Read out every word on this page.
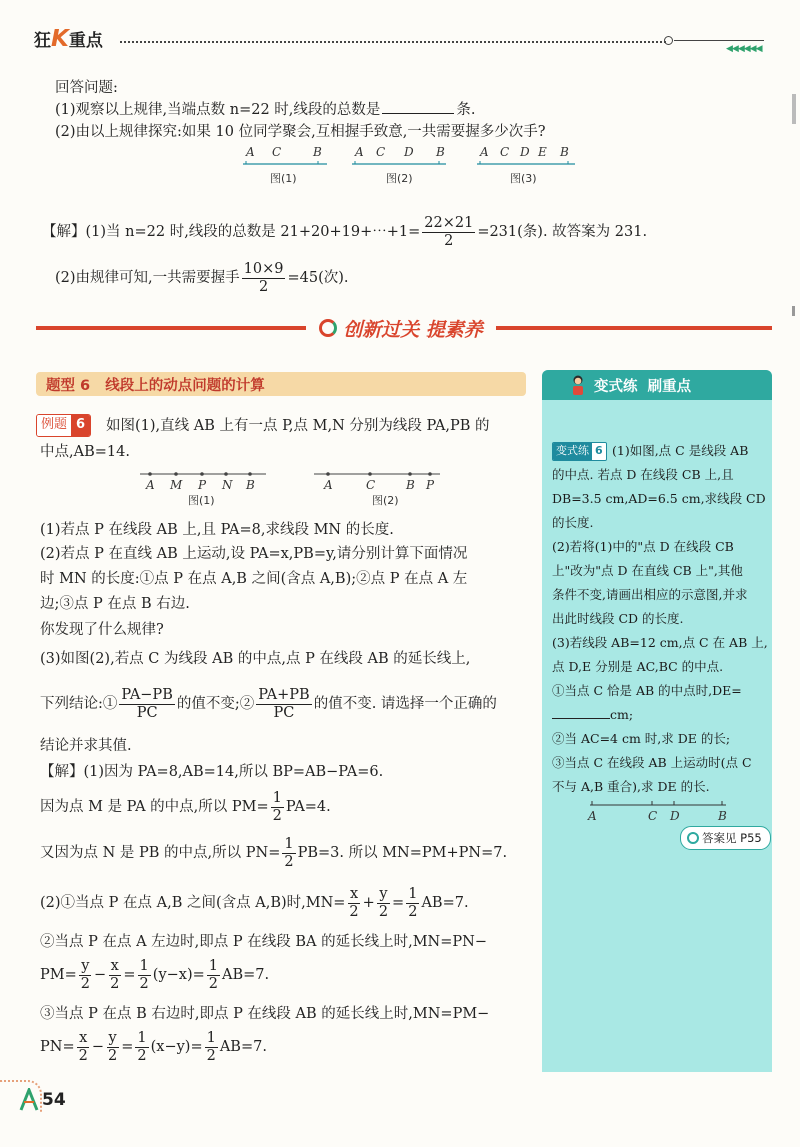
狂K重点	◀◀◀◀◀◀
回答问题:
(1)观察以上规律,当端点数 n=22 时,线段的总数是	条.
(2)由以上规律探究:如果 10 位同学聚会,互相握手致意,一共需要握多少次手?
A C	B
图(1)
A C D B
图(2)
A C D E B
图(3)
【解】(1)当 n=22 时,线段的总数是 21+20+19+⋯+1= $\frac{22\times 21}{2} =231$(条). 故答案为 231.
(2)由规律可知,一共需要握手 $\frac{10\times 9}{2} =45$(次).
创新过关 提素养
题型 6   线段上的动点问题的计算
例题 6	如图(1),直线 AB 上有一点 P,点 M,N 分别为线段 PA,PB 的
中点,AB=14.
A M P N B
图(1)
A	C	B P
图(2)
(1)若点 P 在线段 AB 上,且 PA=8,求线段 MN 的长度.
(2)若点 P 在直线 AB 上运动,设 PA=x,PB=y,请分别计算下面情况
时 MN 的长度:①点 P 在点 A,B 之间(含点 A,B);②点 P 在点 A 左
边;③点 P 在点 B 右边.
你发现了什么规律?
(3)如图(2),若点 C 为线段 AB 的中点,点 P 在线段 AB 的延长线上,
下列结论:① $\frac{PA-PB}{PC}$ 的值不变;② $\frac{PA+PB}{PC}$ 的值不变. 请选择一个正确的
结论并求其值.
【解】(1)因为 PA=8,AB=14,所以 BP=AB−PA=6.
因为点 M 是 PA 的中点,所以 $PM= \frac{1}{2} PA=4$.
又因为点 N 是 PB 的中点,所以 $PN= \frac{1}{2} PB=3$. 所以 MN=PM+PN=7.
(2)①当点 P 在点 A,B 之间(含点 A,B)时$,MN= \frac{x}{2} + \frac{y}{2} = \frac{1}{2} AB=7$.
②当点 P 在点 A 左边时,即点 P 在线段 BA 的延长线上时,MN=PN−
$PM= \frac{y}{2} - \frac{x}{2} = \frac{1}{2} (y-x)= \frac{1}{2} AB=7$.
③当点 P 在点 B 右边时,即点 P 在线段 AB 的延长线上时,MN=PM−
$PN= \frac{x}{2} - \frac{y}{2} = \frac{1}{2} (x-y)= \frac{1}{2} AB=7$.
变式练  刷重点
变式练 6 (1)如图,点 C 是线段 AB
的中点. 若点 D 在线段 CB 上,且
DB=3.5 cm,AD=6.5 cm,求线段 CD
的长度.
(2)若将(1)中的"点 D 在线段 CB
上"改为"点 D 在直线 CB 上",其他
条件不变,请画出相应的示意图,并求
出此时线段 CD 的长度.
(3)若线段 AB=12 cm,点 C 在 AB 上,
点 D,E 分别是 AC,BC 的中点.
①当点 C 恰是 AB 的中点时,DE=
cm;
②当 AC=4 cm 时,求 DE 的长;
③当点 C 在线段 AB 上运动时(点 C
不与 A,B 重合),求 DE 的长.
A	C D	B
答案见 P55
54
